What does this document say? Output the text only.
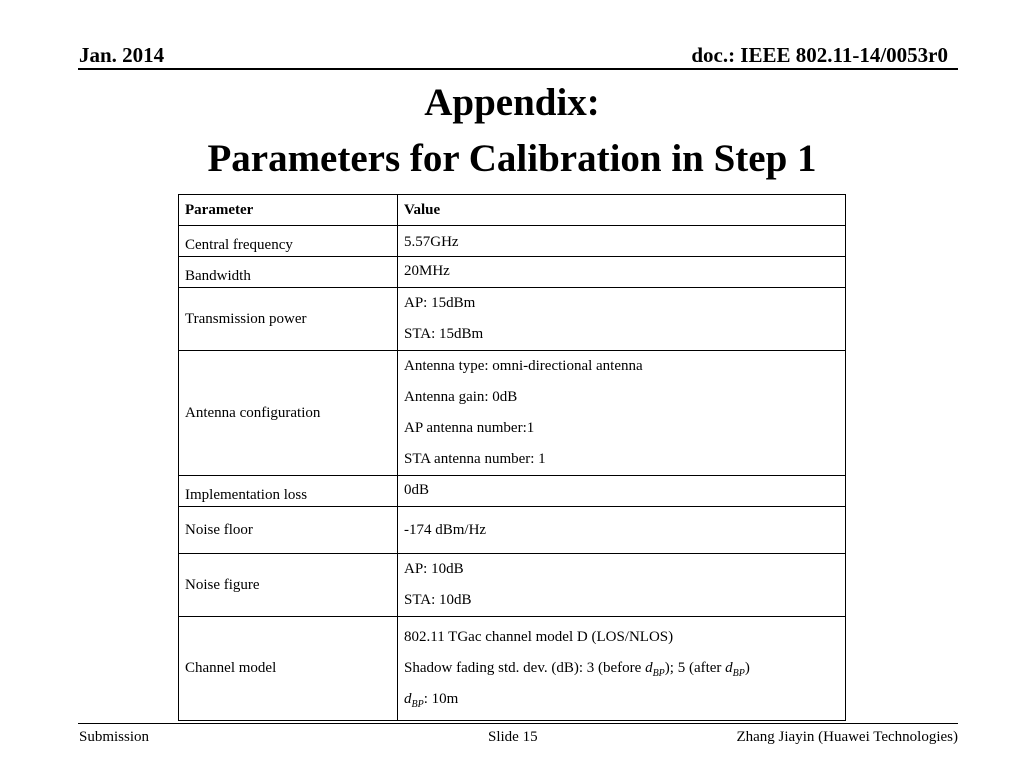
Jan. 2014	doc.: IEEE 802.11-14/0053r0
Appendix:
Parameters for Calibration in Step 1
Parameter	Value
Central frequency	5.57GHz
Bandwidth	20MHz
Transmission power	AP: 15dBm
STA: 15dBm

Antenna configuration	Antenna type: omni-directional antenna
Antenna gain: 0dB
AP antenna number:1
STA antenna number: 1

Implementation loss	0dB
Noise floor	-174 dBm/Hz
Noise figure	AP: 10dB
STA: 10dB

Channel model	802.11 TGac channel model D (LOS/NLOS)
Shadow fading std. dev. (dB): 3 (before $d_{BP}$); 5 (after $d_{BP}$)
$d_{BP}$: 10m
Submission	Slide 15	Zhang Jiayin (Huawei Technologies)
